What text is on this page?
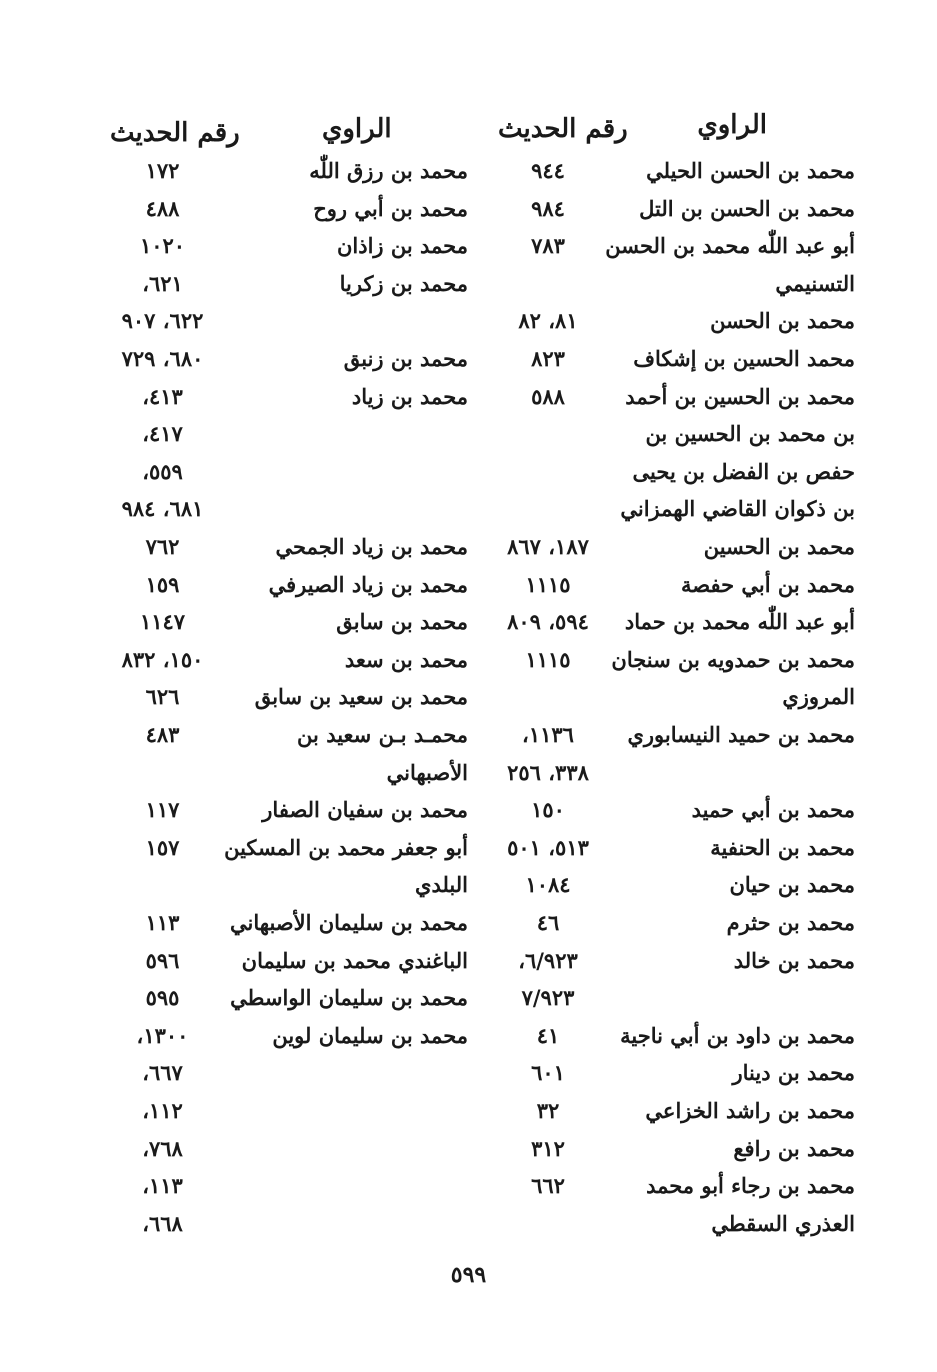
الراوي
رقم الحديث
الراوي
رقم الحديث
محمد بن الحسن الحيلي
٩٤٤
محمد بن الحسن بن التل
٩٨٤
أبو عبد اللّٰه محمد بن الحسن
٧٨٣
التسنيمي
محمد بن الحسن
٨١، ٨٢
محمد الحسين بن إشكاف
٨٢٣
محمد بن الحسين بن أحمد
٥٨٨
بن محمد بن الحسين بن
حفص بن الفضل بن يحيى
بن ذكوان القاضي الهمزاني
محمد بن الحسين
١٨٧، ٨٦٧
محمد بن أبي حفصة
١١١٥
أبو عبد اللّٰه محمد بن حماد
٥٩٤، ٨٠٩
محمد بن حمدويه بن سنجان
١١١٥
المروزي
محمد بن حميد النيسابوري
١١٣٦،
٣٣٨، ٢٥٦
محمد بن أبي حميد
١٥٠
محمد بن الحنفية
٥١٣، ٥٠١
محمد بن حيان
١٠٨٤
محمد بن حثرم
٤٦
محمد بن خالد
٦/٩٢٣،
٧/٩٢٣
محمد بن داود بن أبي ناجية
٤١
محمد بن دينار
٦٠١
محمد بن راشد الخزاعي
٣٢
محمد بن رافع
٣١٢
محمد بن رجاء أبو محمد
٦٦٢
العذري السقطي
محمد بن رزق اللّٰه
١٧٢
محمد بن أبي روح
٤٨٨
محمد بن زاذان
١٠٢٠
محمد بن زكريا
٦٢١،
٦٢٢، ٩٠٧
محمد بن زنبق
٦٨٠، ٧٢٩
محمد بن زياد
٤١٣،
٤١٧،
٥٥٩،
٦٨١، ٩٨٤
محمد بن زياد الجمحي
٧٦٢
محمد بن زياد الصيرفي
١٥٩
محمد بن سابق
١١٤٧
محمد بن سعد
١٥٠، ٨٣٢
محمد بن سعيد بن سابق
٦٢٦
محمـد بـن سعيد بن
٤٨٣
الأصبهاني
محمد بن سفيان الصفار
١١٧
أبو جعفر محمد بن المسكين
١٥٧
البلدي
محمد بن سليمان الأصبهاني
١١٣
الباغندي محمد بن سليمان
٥٩٦
محمد بن سليمان الواسطي
٥٩٥
محمد بن سليمان لوين
١٣٠٠،
٦٦٧،
١١٢،
٧٦٨،
١١٣،
٦٦٨،
٥٩٩
